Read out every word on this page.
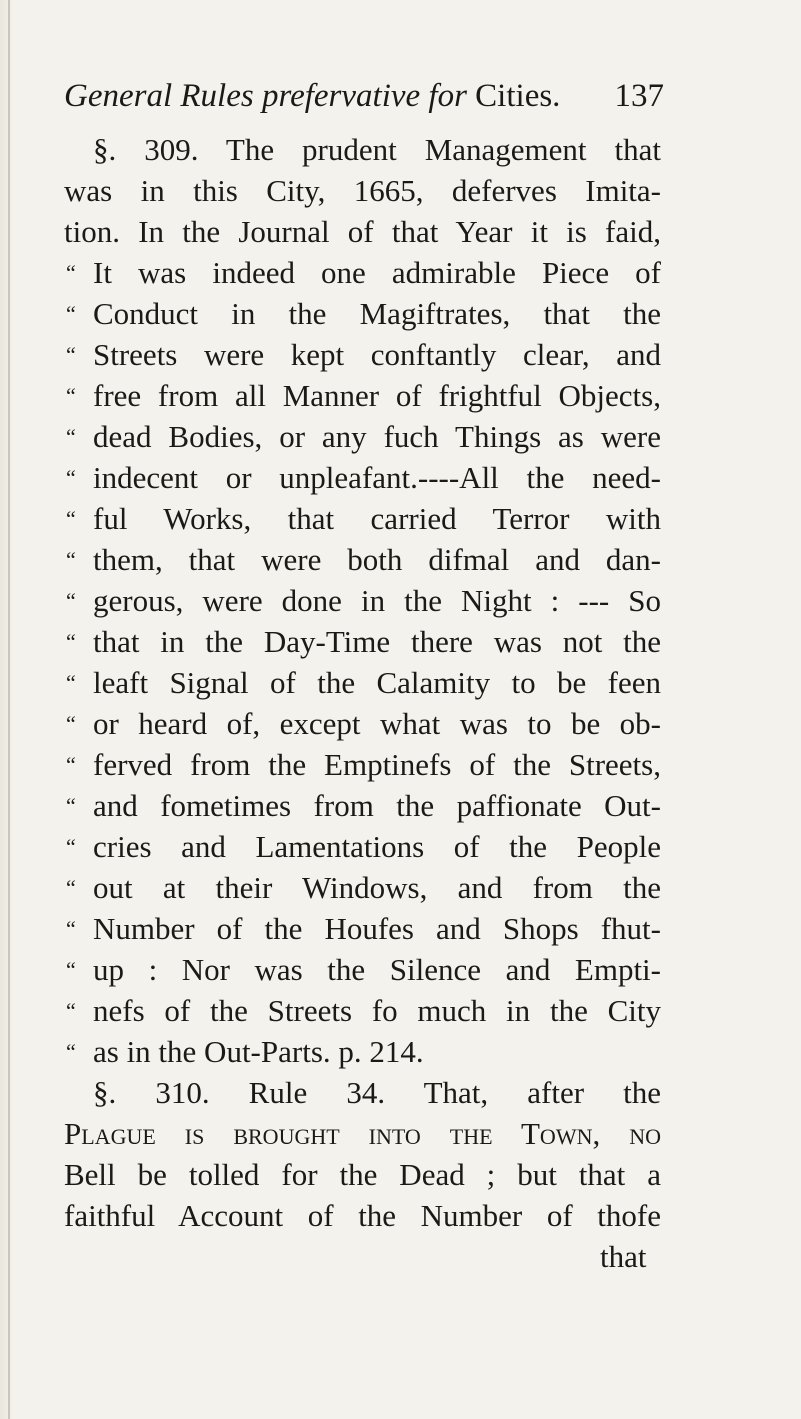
General Rules prefervative for Cities. 137
§. 309. The prudent Management that
was in this City, 1665, deferves Imita-
tion. In the Journal of that Year it is faid,
“ It was indeed one admirable Piece of
“ Conduct in the Magiftrates, that the
“ Streets were kept conftantly clear, and
“ free from all Manner of frightful Objects,
“ dead Bodies, or any fuch Things as were
“ indecent or unpleafant.----All the need-
“ ful Works, that carried Terror with
“ them, that were both difmal and dan-
“ gerous, were done in the Night : --- So
“ that in the Day-Time there was not the
“ leaft Signal of the Calamity to be feen
“ or heard of, except what was to be ob-
“ ferved from the Emptinefs of the Streets,
“ and fometimes from the paffionate Out-
“ cries and Lamentations of the People
“ out at their Windows, and from the
“ Number of the Houfes and Shops fhut-
“ up : Nor was the Silence and Empti-
“ nefs of the Streets fo much in the City
“ as in the Out-Parts. p. 214.
§. 310. Rule 34. That, after the
Plague is brought into the Town, no
Bell be tolled for the Dead ; but that a
faithful Account of the Number of thofe
that
